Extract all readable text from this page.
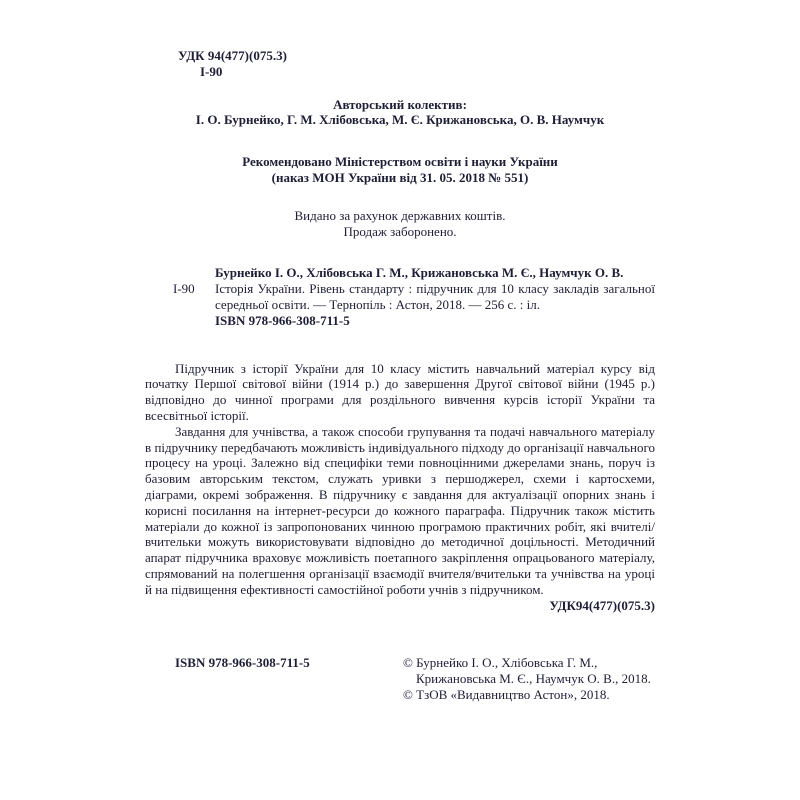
УДК 94(477)(075.3)
І-90
Авторський колектив:
І. О. Бурнейко, Г. М. Хлібовська, М. Є. Крижановська, О. В. Наумчук
Рекомендовано Міністерством освіти і науки України
(наказ МОН України від 31. 05. 2018 № 551)
Видано за рахунок державних коштів.
Продаж заборонено.
І-90
Бурнейко І. О., Хлібовська Г. М., Крижановська М. Є., Наумчук О. В.
Історія України. Рівень стандарту : підручник для 10 класу закладів загальної середньої освіти. — Тернопіль : Астон, 2018. — 256 с. : іл.
ISBN 978-966-308-711-5

Підручник з історії України для 10 класу містить навчальний матеріал курсу від початку Першої світової війни (1914 р.) до завершення Другої світової війни (1945 р.) відповідно до чинної програми для роздільного вивчення курсів історії України та всесвітньої історії.

Завдання для учнівства, а також способи групування та подачі навчального матеріалу в підручнику передбачають можливість індивідуального підходу до організації навчального процесу на уроці. Залежно від специфіки теми повноцінними джерелами знань, поруч із базовим авторським текстом, служать уривки з першоджерел, схеми і картосхеми, діаграми, окремі зображення. В підручнику є завдання для актуалізації опорних знань і корисні посилання на інтернет-ресурси до кожного параграфа. Підручник також містить матеріали до кожної із запропонованих чинною програмою практичних робіт, які вчителі/вчительки можуть використовувати відповідно до методичної доцільності. Методичний апарат підручника враховує можливість поетапного закріплення опрацьованого матеріалу, спрямований на полегшення організації взаємодії вчителя/вчительки та учнівства на уроці й на підвищення ефективності самостійної роботи учнів з підручником.

УДК94(477)(075.3)
ISBN 978-966-308-711-5	© Бурнейко І. О., Хлібовська Г. М.,
Крижановська М. Є., Наумчук О. В., 2018.
© ТзОВ «Видавництво Астон», 2018.
